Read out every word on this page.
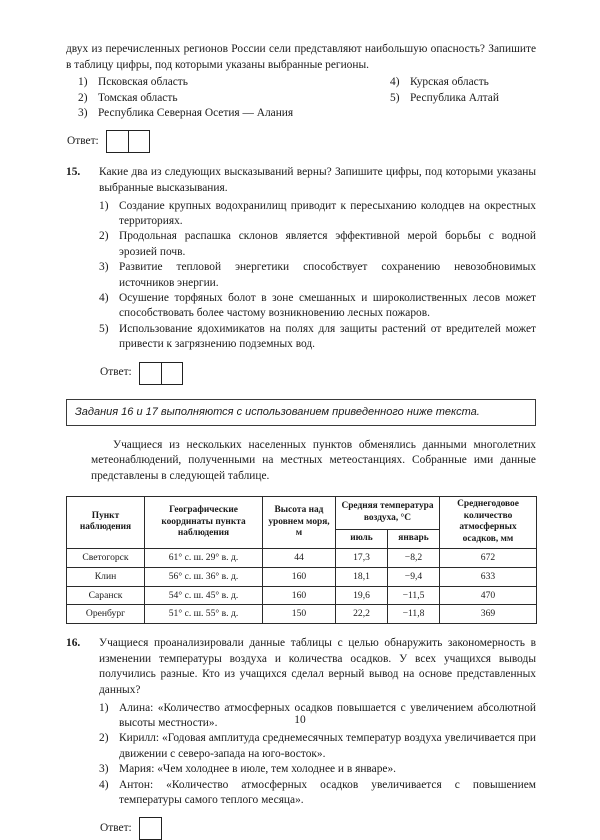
двух из перечисленных регионов России сели представляют наибольшую опасность? Запишите в таблицу цифры, под которыми указаны выбранные регионы.

1) Псковская область
2) Томская область
3) Республика Северная Осетия — Алания
4) Курская область
5) Республика Алтай
Ответ:
15.	Какие два из следующих высказываний верны? Запишите цифры, под которыми указаны выбранные высказывания.

1) Создание крупных водохранилищ приводит к пересыханию колодцев на окрестных территориях.
2) Продольная распашка склонов является эффективной мерой борьбы с водной эрозией почв.
3) Развитие тепловой энергетики способствует сохранению невозобновимых источников энергии.
4) Осушение торфяных болот в зоне смешанных и широколиственных лесов может способствовать более частому возникновению лесных пожаров.
5) Использование ядохимикатов на полях для защиты растений от вредителей может привести к загрязнению подземных вод.
Ответ:
Задания 16 и 17 выполняются с использованием приведенного ниже текста.

Учащиеся из нескольких населенных пунктов обменялись данными многолетних метеонаблюдений, полученными на местных метеостанциях. Собранные ими данные представлены в следующей таблице.

Пункт наблюдения	Географические координаты пункта наблюдения	Высота над уровнем моря, м	Средняя температура воздуха, °С		Среднегодовое количество атмосферных осадков, мм
			июль	январь	
Светогорск	61° с. ш. 29° в. д.	44	17,3	−8,2	672
Клин	56° с. ш. 36° в. д.	160	18,1	−9,4	633
Саранск	54° с. ш. 45° в. д.	160	19,6	−11,5	470
Оренбург	51° с. ш. 55° в. д.	150	22,2	−11,8	369
16.	Учащиеся проанализировали данные таблицы с целью обнаружить закономерность в изменении температуры воздуха и количества осадков. У всех учащихся выводы получились разные. Кто из учащихся сделал верный вывод на основе представленных данных?

1) Алина: «Количество атмосферных осадков повышается с увеличением абсолютной высоты местности».
2) Кирилл: «Годовая амплитуда среднемесячных температур воздуха увеличивается при движении с северо-запада на юго-восток».
3) Мария: «Чем холоднее в июле, тем холоднее и в январе».
4) Антон: «Количество атмосферных осадков увеличивается с повышением температуры самого теплого месяца».
Ответ:
10
